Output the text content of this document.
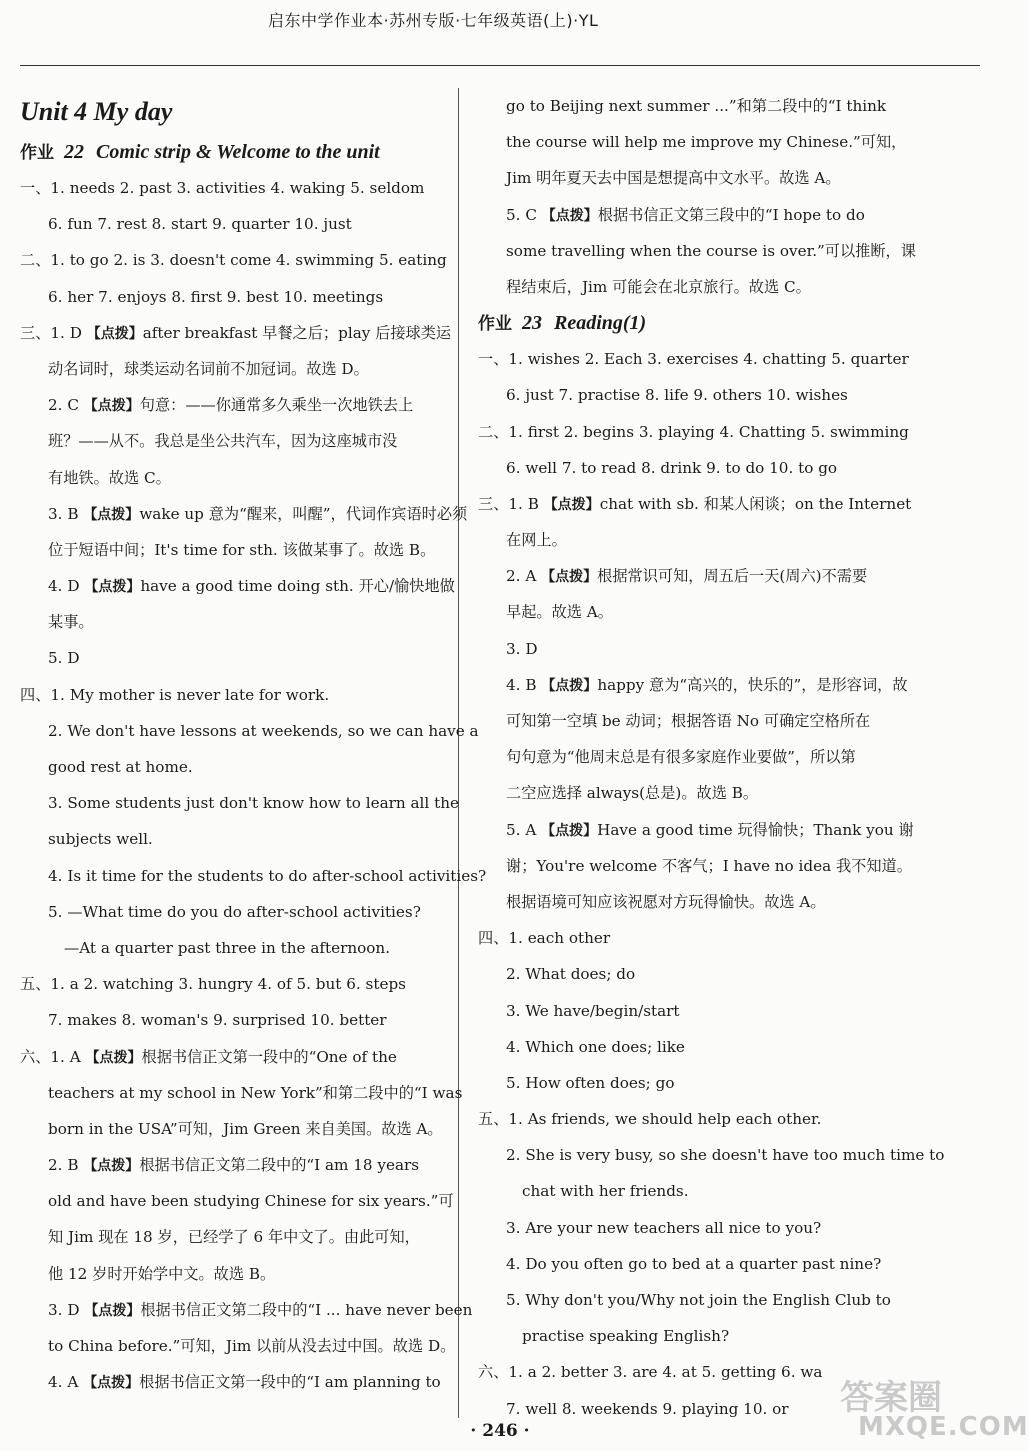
启东中学作业本·苏州专版·七年级英语(上)·YL
Unit 4 My day
作业 22 Comic strip & Welcome to the unit
一、1. needs 2. past 3. activities 4. waking 5. seldom
6. fun 7. rest 8. start 9. quarter 10. just
二、1. to go 2. is 3. doesn't come 4. swimming 5. eating
6. her 7. enjoys 8. first 9. best 10. meetings
三、1. D 【点拨】after breakfast 早餐之后；play 后接球类运
动名词时，球类运动名词前不加冠词。故选 D。
2. C 【点拨】句意：——你通常多久乘坐一次地铁去上
班？——从不。我总是坐公共汽车，因为这座城市没
有地铁。故选 C。
3. B 【点拨】wake up 意为“醒来，叫醒”，代词作宾语时必须
位于短语中间；It's time for sth. 该做某事了。故选 B。
4. D 【点拨】have a good time doing sth. 开心/愉快地做
某事。
5. D
四、1. My mother is never late for work.
2. We don't have lessons at weekends, so we can have a
good rest at home.
3. Some students just don't know how to learn all the
subjects well.
4. Is it time for the students to do after-school activities?
5. —What time do you do after-school activities?
—At a quarter past three in the afternoon.
五、1. a 2. watching 3. hungry 4. of 5. but 6. steps
7. makes 8. woman's 9. surprised 10. better
六、1. A 【点拨】根据书信正文第一段中的“One of the
teachers at my school in New York”和第二段中的“I was
born in the USA”可知，Jim Green 来自美国。故选 A。
2. B 【点拨】根据书信正文第二段中的“I am 18 years
old and have been studying Chinese for six years.”可
知 Jim 现在 18 岁，已经学了 6 年中文了。由此可知，
他 12 岁时开始学中文。故选 B。
3. D 【点拨】根据书信正文第二段中的“I ... have never been
to China before.”可知，Jim 以前从没去过中国。故选 D。
4. A 【点拨】根据书信正文第一段中的“I am planning to
go to Beijing next summer ...”和第二段中的“I think
the course will help me improve my Chinese.”可知，
Jim 明年夏天去中国是想提高中文水平。故选 A。
5. C 【点拨】根据书信正文第三段中的“I hope to do
some travelling when the course is over.”可以推断，课
程结束后，Jim 可能会在北京旅行。故选 C。
作业 23 Reading(1)
一、1. wishes 2. Each 3. exercises 4. chatting 5. quarter
6. just 7. practise 8. life 9. others 10. wishes
二、1. first 2. begins 3. playing 4. Chatting 5. swimming
6. well 7. to read 8. drink 9. to do 10. to go
三、1. B 【点拨】chat with sb. 和某人闲谈；on the Internet
在网上。
2. A 【点拨】根据常识可知，周五后一天(周六)不需要
早起。故选 A。
3. D
4. B 【点拨】happy 意为“高兴的，快乐的”，是形容词，故
可知第一空填 be 动词；根据答语 No 可确定空格所在
句句意为“他周末总是有很多家庭作业要做”，所以第
二空应选择 always(总是)。故选 B。
5. A 【点拨】Have a good time 玩得愉快；Thank you 谢
谢；You're welcome 不客气；I have no idea 我不知道。
根据语境可知应该祝愿对方玩得愉快。故选 A。
四、1. each other
2. What does; do
3. We have/begin/start
4. Which one does; like
5. How often does; go
五、1. As friends, we should help each other.
2. She is very busy, so she doesn't have too much time to
chat with her friends.
3. Are your new teachers all nice to you?
4. Do you often go to bed at a quarter past nine?
5. Why don't you/Why not join the English Club to
practise speaking English?
六、1. a 2. better 3. are 4. at 5. getting 6. wa
7. well 8. weekends 9. playing 10. or
· 246 ·
答案圈
MXQE.COM
